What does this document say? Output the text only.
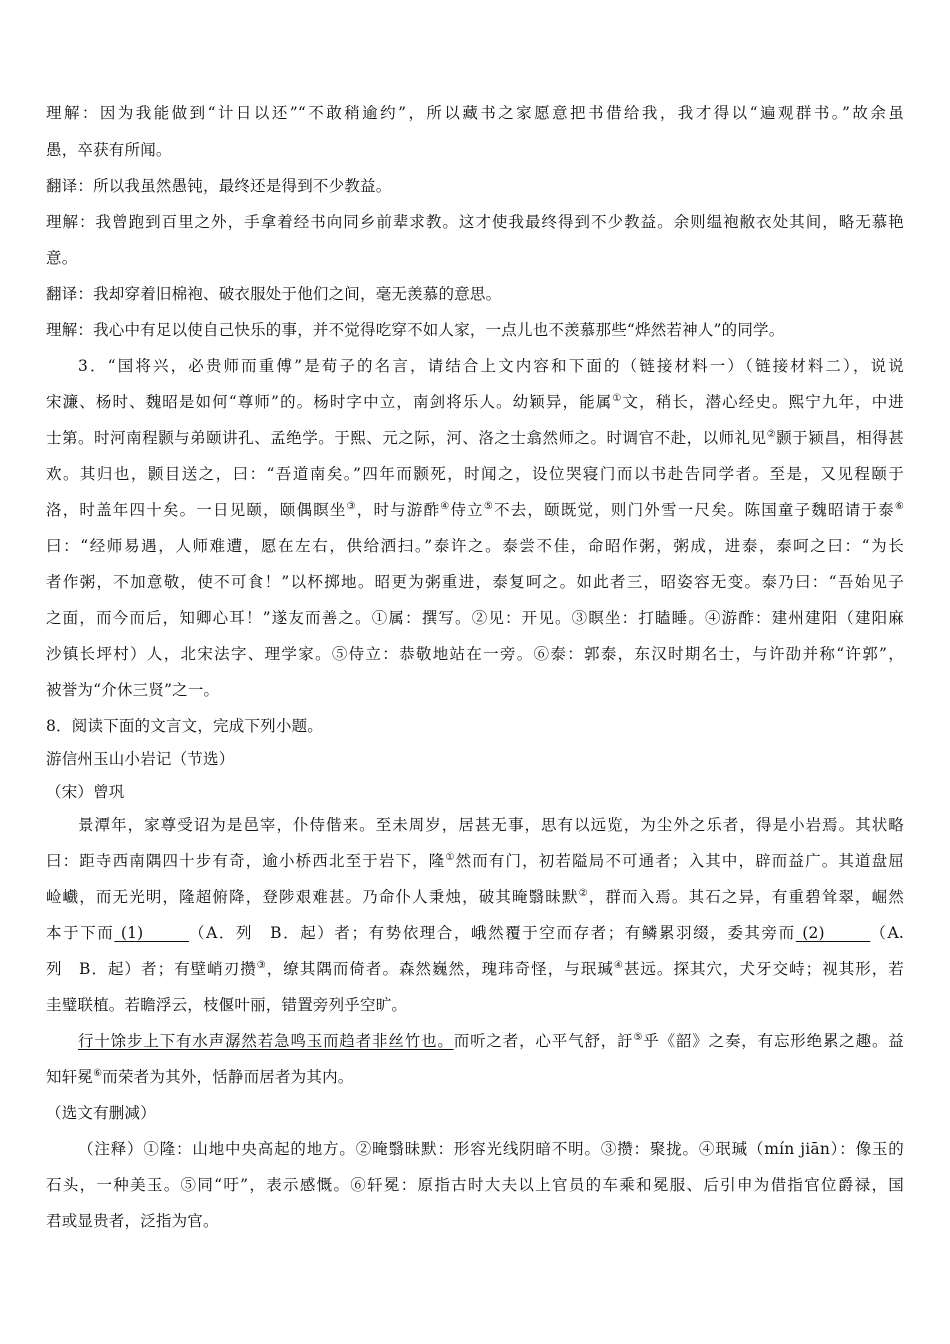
理解：因为我能做到“计日以还”“不敢稍逾约”，所以藏书之家愿意把书借给我，我才得以“遍观群书。”故余虽
愚，卒获有所闻。
翻译：所以我虽然愚钝，最终还是得到不少教益。
理解：我曾跑到百里之外，手拿着经书向同乡前辈求教。这才使我最终得到不少教益。余则缊袍敝衣处其间，略无慕艳
意。
翻译：我却穿着旧棉袍、破衣服处于他们之间，毫无羡慕的意思。
理解：我心中有足以使自己快乐的事，并不觉得吃穿不如人家，一点儿也不羡慕那些“烨然若神人”的同学。
3．“国将兴，必贵师而重傅”是荀子的名言，请结合上文内容和下面的（链接材料一）（链接材料二），说说
宋濂、杨时、魏昭是如何“尊师”的。杨时字中立，南剑将乐人。幼颖异，能属①文，稍长，潜心经史。熙宁九年，中进
士第。时河南程颢与弟颐讲孔、孟绝学。于熙、元之际，河、洛之士翕然师之。时调官不赴，以师礼见②颢于颍昌，相得甚
欢。其归也，颢目送之，曰：“吾道南矣。”四年而颢死，时闻之，设位哭寝门而以书赴告同学者。至是，又见程颐于
洛，时盖年四十矣。一日见颐，颐偶瞑坐③，时与游酢④侍立⑤不去，颐既觉，则门外雪一尺矣。陈国童子魏昭请于泰⑥
曰：“经师易遇，人师难遭，愿在左右，供给洒扫。”泰许之。泰尝不佳，命昭作粥，粥成，进泰，泰呵之曰：“为长
者作粥，不加意敬，使不可食！”以杯掷地。昭更为粥重进，泰复呵之。如此者三，昭姿容无变。泰乃曰：“吾始见子
之面，而今而后，知卿心耳！”遂友而善之。①属：撰写。②见：开见。③瞑坐：打瞌睡。④游酢：建州建阳（建阳麻
沙镇长坪村）人，北宋法字、理学家。⑤侍立：恭敬地站在一旁。⑥泰：郭泰，东汉时期名士，与许劭并称“许郭”，
被誉为“介休三贤”之一。
8．阅读下面的文言文，完成下列小题。
游信州玉山小岩记（节选）
（宋）曾巩
景潭年，家尊受诏为是邑宰，仆侍偕来。至未周岁，居甚无事，思有以远览，为尘外之乐者，得是小岩焉。其状略
曰：距寺西南隅四十步有奇，逾小桥西北至于岩下，隆①然而有门，初若隘局不可通者；入其中，辟而益广。其道盘屈
崄巇，而无光明，隆超俯降，登陟艰难甚。乃命仆人秉烛，破其晻翳昧默②，群而入焉。其石之异，有重碧耸翠，崛然
本于下而 (1)	（A．列　B．起）者；有势依理合，峨然覆于空而存者；有鳞累羽缀，委其旁而 (2)	（A.
列　B．起）者；有壁峭刃攒③，缭其隅而倚者。森然巍然，瑰玮奇怪，与珉瑊④甚远。探其穴，犬牙交峙；视其形，若
圭璧联植。若瞻浮云，枝偃叶丽，错置旁列乎空旷。
行十馀步上下有水声潺然若急鸣玉而趋者非丝竹也。而听之者，心平气舒，訏⑤乎《韶》之奏，有忘形绝累之趣。益
知轩冕⑥而荣者为其外，恬静而居者为其内。
（选文有删减）
（注释）①隆：山地中央高起的地方。②晻翳昧默：形容光线阴暗不明。③攒：聚拢。④珉瑊（mín jiān）：像玉的
石头，一种美玉。⑤同“吁”，表示感慨。⑥轩冕：原指古时大夫以上官员的车乘和冕服、后引申为借指官位爵禄，国
君或显贵者，泛指为官。
